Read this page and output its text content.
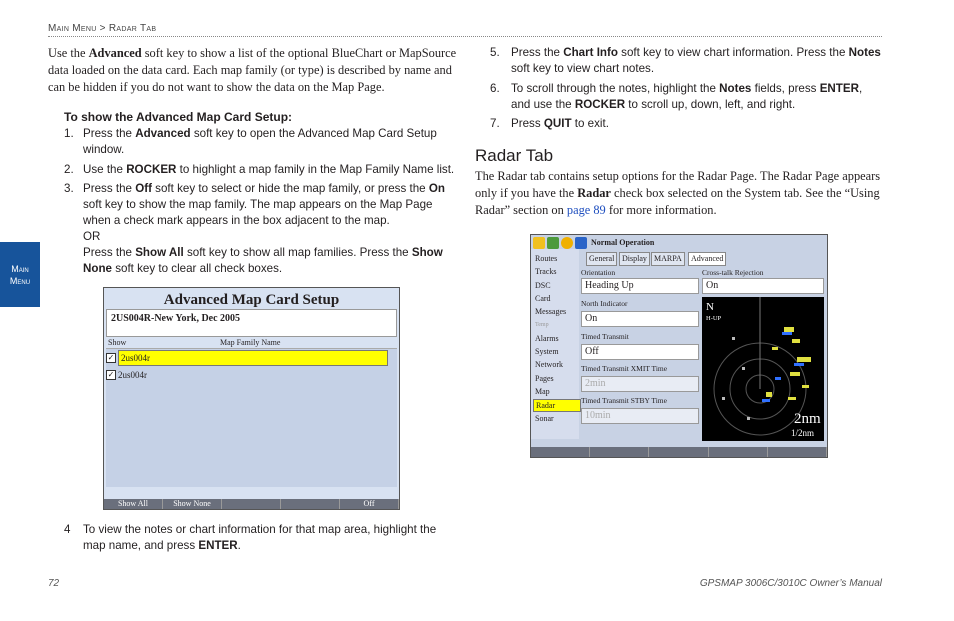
Main Menu > Radar Tab
Main
Menu
Use the Advanced soft key to show a list of the optional BlueChart or MapSource data loaded on the data card. Each map family (or type) is described by name and can be hidden if you do not want to show the data on the Map Page.
To show the Advanced Map Card Setup:
1. Press the Advanced soft key to open the Advanced Map Card Setup window.
2. Use the ROCKER to highlight a map family in the Map Family Name list.
3. Press the Off soft key to select or hide the map family, or press the On soft key to show the map family. The map appears on the Map Page when a check mark appears in the box adjacent to the map.
OR
Press the Show All soft key to show all map families. Press the Show None soft key to clear all check boxes.
Advanced Map Card Setup
2US004R-New York, Dec 2005
Show	Map Family Name
✓ 2us004r
✓ 2us004r
Show All	Show None	Off
4 To view the notes or chart information for that map area, highlight the map name, and press ENTER.
5. Press the Chart Info soft key to view chart information. Press the Notes soft key to view chart notes.
6. To scroll through the notes, highlight the Notes fields, press ENTER, and use the ROCKER to scroll up, down, left, and right.
7. Press QUIT to exit.
Radar Tab
The Radar tab contains setup options for the Radar Page. The Radar Page appears only if you have the Radar check box selected on the System tab. See the “Using Radar” section on page 89 for more information.
Normal Operation
Routes
Tracks
DSC
Card
Messages
Temp
Alarms
System
Network
Pages
Map
Radar
Sonar
General Display MARPA	Advanced
Orientation
Heading Up
North Indicator
On
Timed Transmit
Off
Timed Transmit XMIT Time
2min
Timed Transmit STBY Time
10min
Cross-talk Rejection
On
N
H-UP
2nm
1/2nm
72	GPSMAP 3006C/3010C Owner’s Manual
